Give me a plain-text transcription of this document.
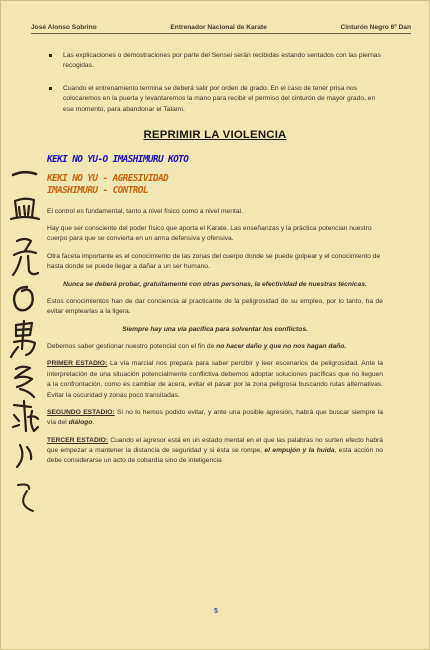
José Alonso Sobrino	Entrenador Nacional de Karate	Cinturón Negro 6º Dan
Las explicaciones o demostraciones por parte del Sensei serán recibidas estando sentados con las piernas recogidas.
Cuando el entrenamiento termina se deberá salir por orden de grado. En el caso de tener prisa nos colocaremos en la puerta y levantaremos la mano para recibir el permiso del cinturón de mayor grado, en ese momento, para abandonar el Tatami.
REPRIMIR LA VIOLENCIA
KEKI NO YU-O IMASHIMURU KOTO
KEKI NO YU - AGRESIVIDAD
IMASHIMURU - CONTROL

El control es fundamental, tanto a nivel físico como a nivel mental.

Hay que ser consciente del poder físico que aporta el Karate. Las enseñanzas y la práctica potencian nuestro cuerpo para que se convierta en un arma defensiva y ofensiva.

Otra faceta importante es el conocimiento de las zonas del cuerpo donde se puede golpear y el conocimiento de hasta donde se puede llegar a dañar a un ser humano.

Nunca se deberá probar, gratuitamente con otras personas, la efectividad de nuestras técnicas.

Estos conocimientos han de dar conciencia al practicante de la peligrosidad de su empleo, por lo tanto, ha de evitar emplearlas a la ligera.

Siempre hay una vía pacífica para solventar los conflictos.

Debemos saber gestionar nuestro potencial con el fin de no hacer daño y que no nos hagan daño.

PRIMER ESTADIO: La vía marcial nos prepara para saber percibir y leer escenarios de peligrosidad. Ante la interpretación de una situación potencialmente conflictiva debemos adoptar soluciones pacíficas que no lleguen a la confrontación, como es cambiar de acera, evitar el pasar por la zona peligrosa buscando rutas alternativas. Evitar la oscuridad y zonas poco transitadas.

SEGUNDO ESTADIO: Si no lo hemos podido evitar, y ante una posible agresión, habrá que buscar siempre la vía del diálogo.

TERCER ESTADIO: Cuando el agresor está en un estado mental en el que las palabras no surten efecto habrá que empezar a mantener la distancia de seguridad y si ésta se rompe, el empujón y la huida, esta acción no debe considerarse un acto de cobardía sino de inteligencia

5
